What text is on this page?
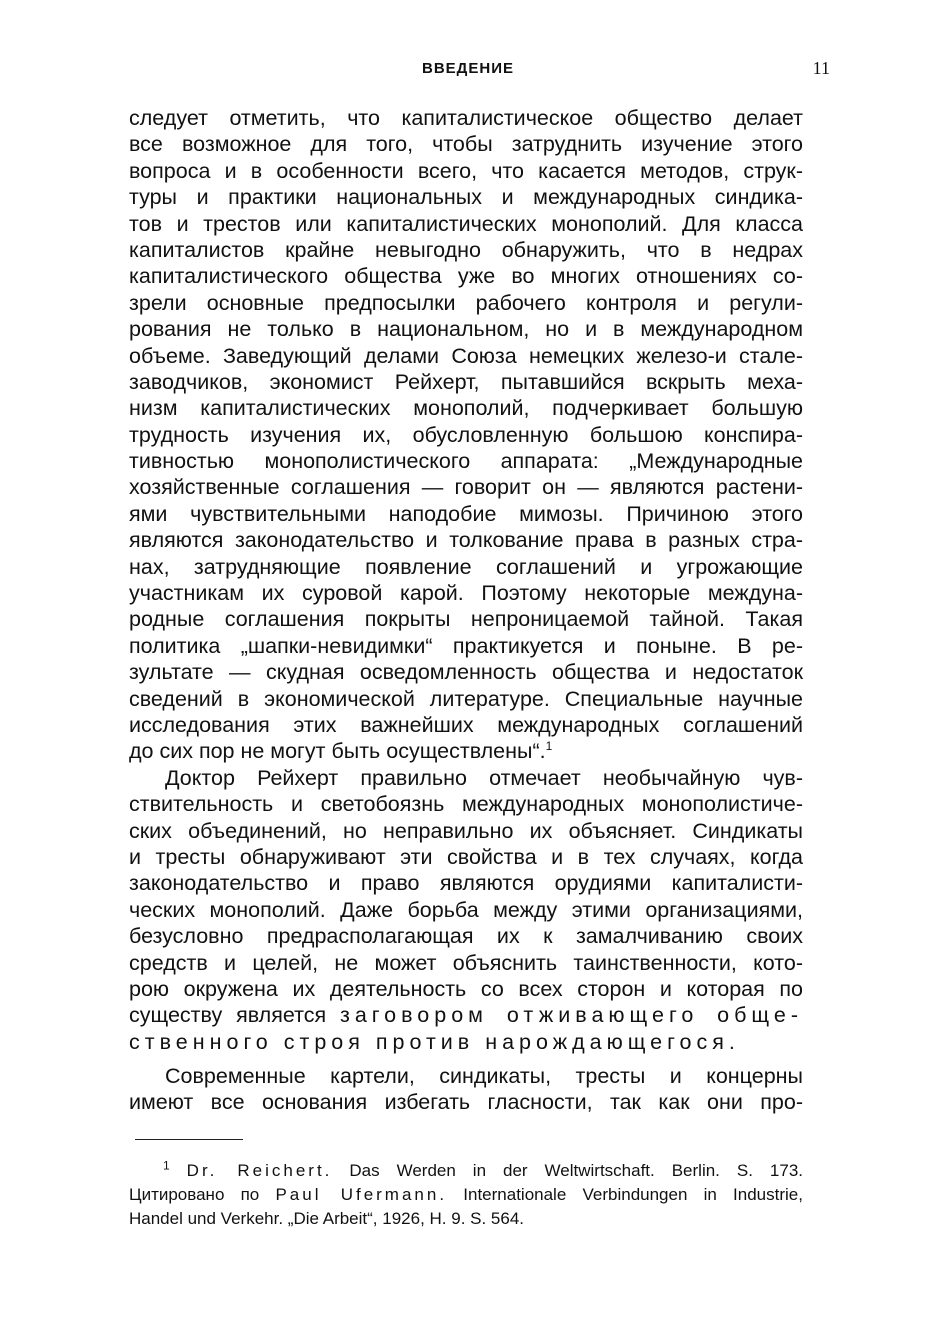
ВВЕДЕНИЕ	11
следует отметить, что капиталистическое общество делает
все возможное для того, чтобы затруднить изучение этого
вопроса и в особенности всего, что касается методов, струк-
туры и практики национальных и международных синдика-
тов и трестов или капиталистических монополий. Для класса
капиталистов крайне невыгодно обнаружить, что в недрах
капиталистического общества уже во многих отношениях со-
зрели основные предпосылки рабочего контроля и регули-
рования не только в национальном, но и в международном
объеме. Заведующий делами Союза немецких железо-и стале-
заводчиков, экономист Рейхерт, пытавшийся вскрыть меха-
низм капиталистических монополий, подчеркивает большую
трудность изучения их, обусловленную большою конспира-
тивностью монополистического аппарата: „Международные
хозяйственные соглашения — говорит он — являются растени-
ями чувствительными наподобие мимозы. Причиною этого
являются законодательство и толкование права в разных стра-
нах, затрудняющие появление соглашений и угрожающие
участникам их суровой карой. Поэтому некоторые междуна-
родные соглашения покрыты непроницаемой тайной. Такая
политика „шапки-невидимки“ практикуется и поныне. В ре-
зультате — скудная осведомленность общества и недостаток
сведений в экономической литературе. Специальные научные
исследования этих важнейших международных соглашений
до сих пор не могут быть осуществлены“.$^1$
Доктор Рейхерт правильно отмечает необычайную чув-
ствительность и светобоязнь международных монополистиче-
ских объединений, но неправильно их объясняет. Синдикаты
и тресты обнаруживают эти свойства и в тех случаях, когда
законодательство и право являются орудиями капиталисти-
ческих монополий. Даже борьба между этими организациями,
безусловно предрасполагающая их к замалчиванию своих
средств и целей, не может объяснить таинственности, кото-
рою окружена их деятельность со всех сторон и которая по
существу является заговором отживающего обще-
ственного строя против нарождающегося.
Современные картели, синдикаты, тресты и концерны
имеют все основания избегать гласности, так как они про-
$^1$ Dr. Reichert. Das Werden in der Weltwirtschaft. Berlin. S. 173.
Цитировано по Paul Ufermann. Internationale Verbindungen in Industrie,
Handel und Verkehr. „Die Arbeit“, 1926, H. 9. S. 564.
